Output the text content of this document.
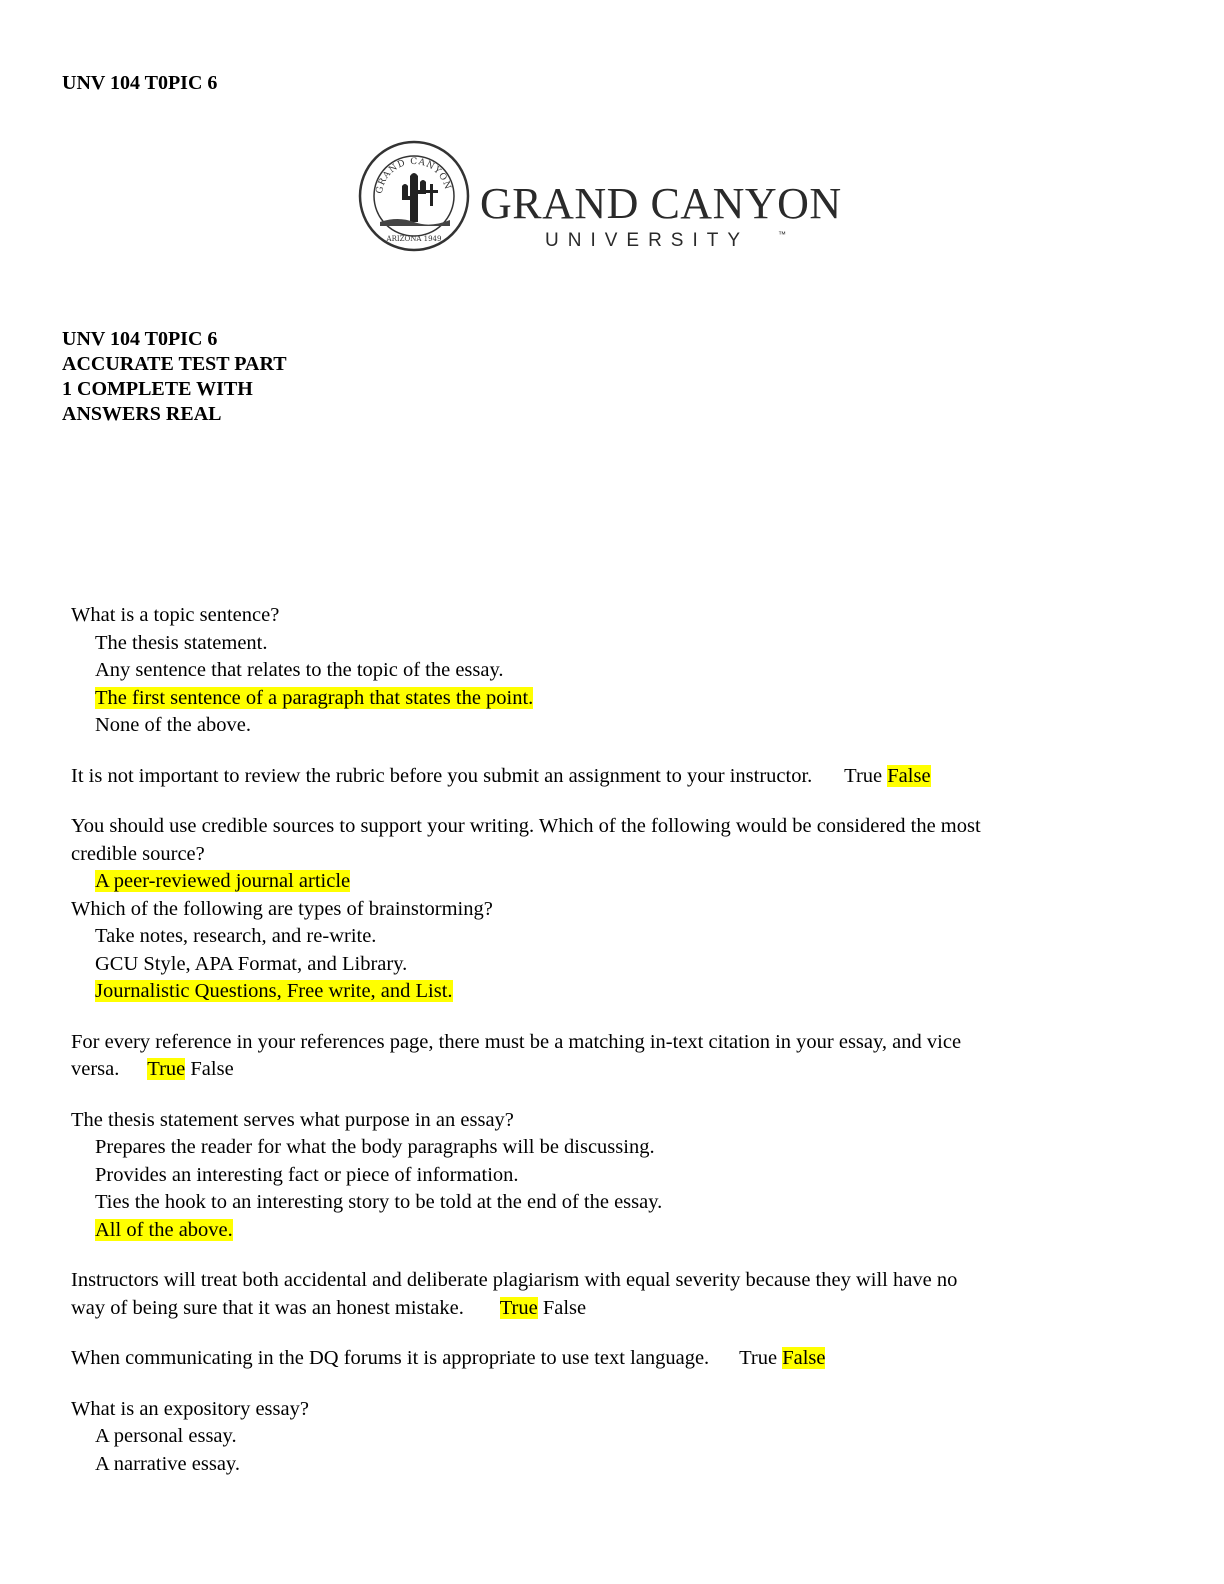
UNV 104 T0PIC 6
GRAND CANYON
ARIZONA 1949
GRAND CANYON
UNIVERSITY	™
UNV 104 T0PIC 6
ACCURATE TEST PART
1 COMPLETE WITH
ANSWERS REAL
What is a topic sentence?
The thesis statement.
Any sentence that relates to the topic of the essay.
The first sentence of a paragraph that states the point.
None of the above.
It is not important to review the rubric before you submit an assignment to your instructor. True False
You should use credible sources to support your writing. Which of the following would be considered the most
credible source?
A peer-reviewed journal article
Which of the following are types of brainstorming?
Take notes, research, and re-write.
GCU Style, APA Format, and Library.
Journalistic Questions, Free write, and List.
For every reference in your references page, there must be a matching in-text citation in your essay, and vice
versa. True False
The thesis statement serves what purpose in an essay?
Prepares the reader for what the body paragraphs will be discussing.
Provides an interesting fact or piece of information.
Ties the hook to an interesting story to be told at the end of the essay.
All of the above.
Instructors will treat both accidental and deliberate plagiarism with equal severity because they will have no
way of being sure that it was an honest mistake. True False
When communicating in the DQ forums it is appropriate to use text language. True False
What is an expository essay?
A personal essay.
A narrative essay.
